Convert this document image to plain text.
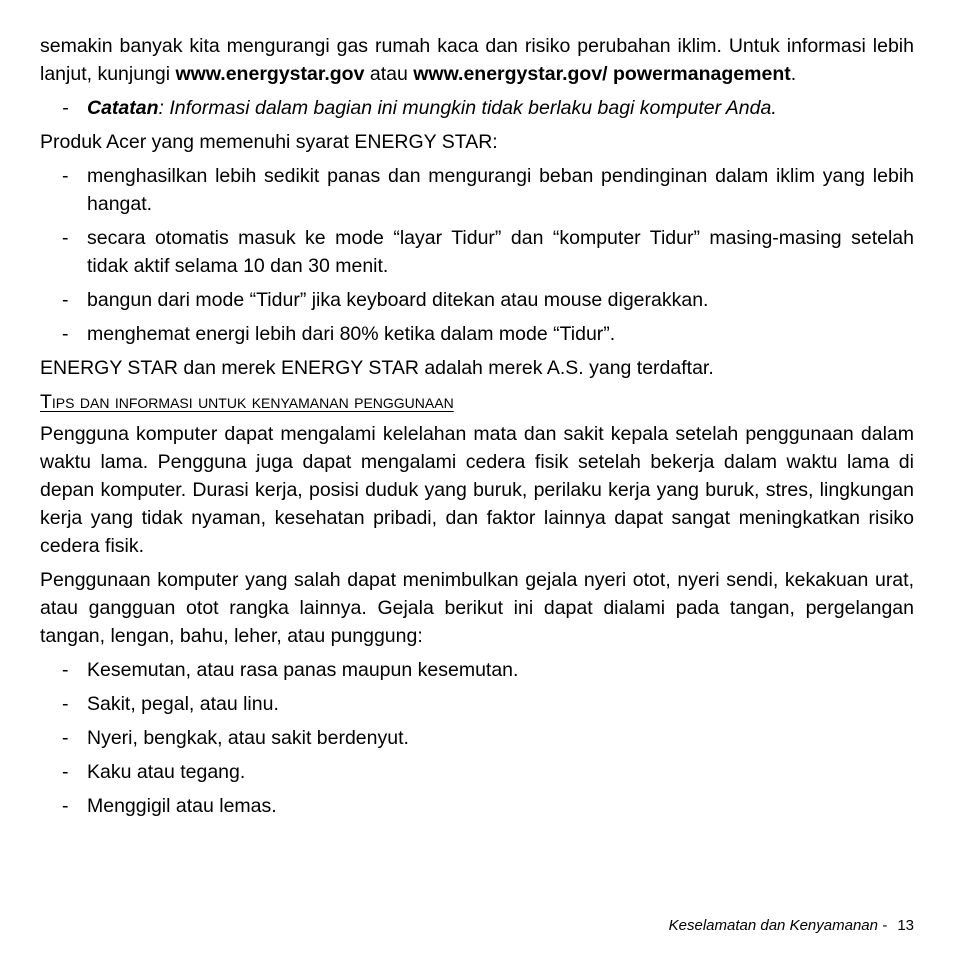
semakin banyak kita mengurangi gas rumah kaca dan risiko perubahan iklim. Untuk informasi lebih lanjut, kunjungi www.energystar.gov atau www.energystar.gov/ powermanagement.

- Catatan: Informasi dalam bagian ini mungkin tidak berlaku bagi komputer Anda.

Produk Acer yang memenuhi syarat ENERGY STAR:

- menghasilkan lebih sedikit panas dan mengurangi beban pendinginan dalam iklim yang lebih hangat.
- secara otomatis masuk ke mode “layar Tidur” dan “komputer Tidur” masing-masing setelah tidak aktif selama 10 dan 30 menit.
- bangun dari mode “Tidur” jika keyboard ditekan atau mouse digerakkan.
- menghemat energi lebih dari 80% ketika dalam mode “Tidur”.

ENERGY STAR dan merek ENERGY STAR adalah merek A.S. yang terdaftar.

Tips dan informasi untuk kenyamanan penggunaan

Pengguna komputer dapat mengalami kelelahan mata dan sakit kepala setelah penggunaan dalam waktu lama. Pengguna juga dapat mengalami cedera fisik setelah bekerja dalam waktu lama di depan komputer. Durasi kerja, posisi duduk yang buruk, perilaku kerja yang buruk, stres, lingkungan kerja yang tidak nyaman, kesehatan pribadi, dan faktor lainnya dapat sangat meningkatkan risiko cedera fisik.

Penggunaan komputer yang salah dapat menimbulkan gejala nyeri otot, nyeri sendi, kekakuan urat, atau gangguan otot rangka lainnya. Gejala berikut ini dapat dialami pada tangan, pergelangan tangan, lengan, bahu, leher, atau punggung:

- Kesemutan, atau rasa panas maupun kesemutan.
- Sakit, pegal, atau linu.
- Nyeri, bengkak, atau sakit berdenyut.
- Kaku atau tegang.
- Menggigil atau lemas.
Keselamatan dan Kenyamanan - 13
